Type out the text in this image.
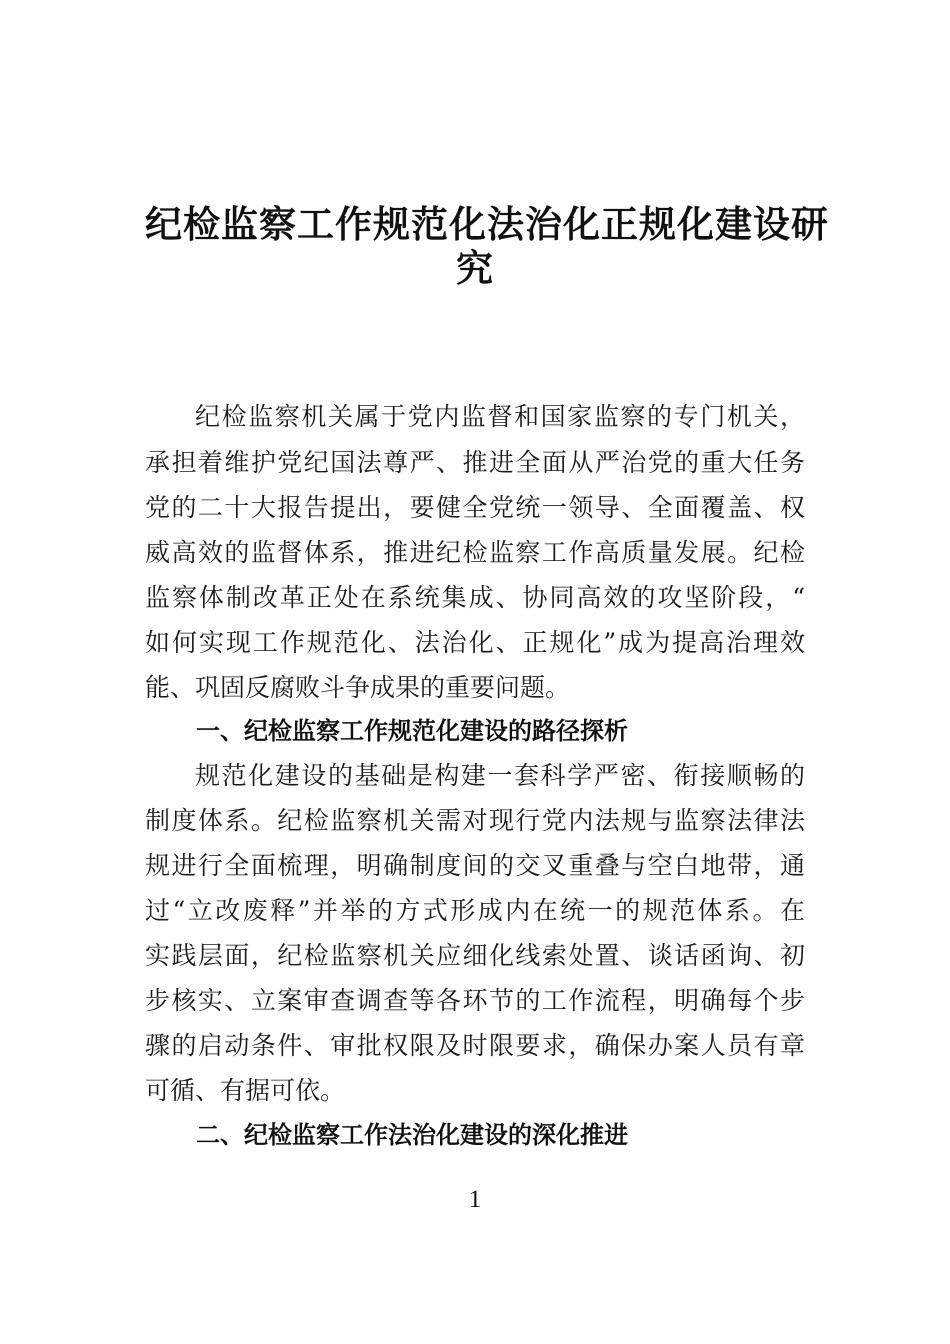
纪检监察工作规范化法治化正规化建设研
究
纪检监察机关属于党内监督和国家监察的专门机关，
承担着维护党纪国法尊严、推进全面从严治党的重大任务
党的二十大报告提出，要健全党统一领导、全面覆盖、权
威高效的监督体系，推进纪检监察工作高质量发展。纪检
监察体制改革正处在系统集成、协同高效的攻坚阶段，“
如何实现工作规范化、法治化、正规化”成为提高治理效
能、巩固反腐败斗争成果的重要问题。
一、纪检监察工作规范化建设的路径探析
规范化建设的基础是构建一套科学严密、衔接顺畅的
制度体系。纪检监察机关需对现行党内法规与监察法律法
规进行全面梳理，明确制度间的交叉重叠与空白地带，通
过“立改废释”并举的方式形成内在统一的规范体系。在
实践层面，纪检监察机关应细化线索处置、谈话函询、初
步核实、立案审查调查等各环节的工作流程，明确每个步
骤的启动条件、审批权限及时限要求，确保办案人员有章
可循、有据可依。
二、纪检监察工作法治化建设的深化推进
1
